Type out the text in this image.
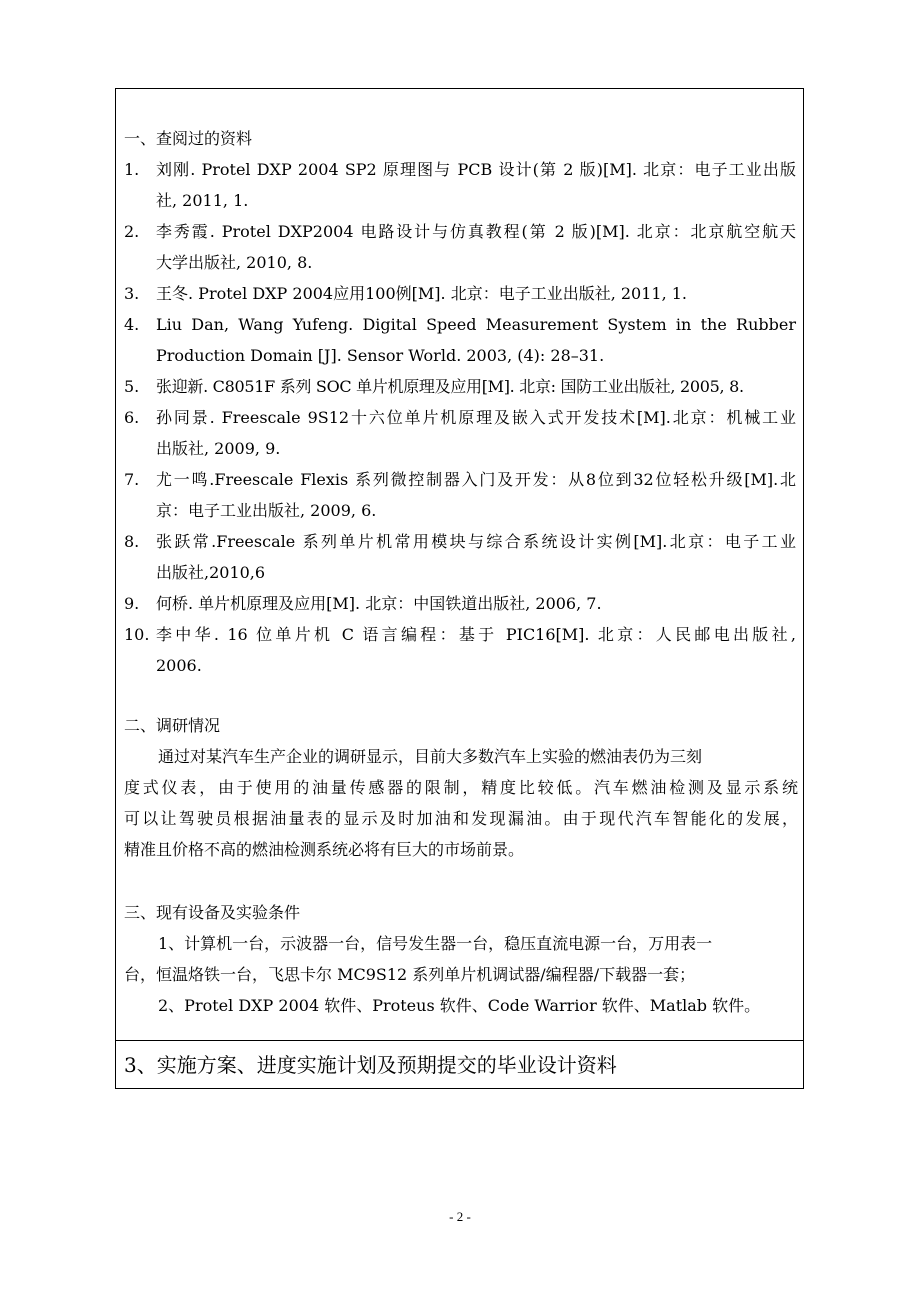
一、查阅过的资料
1. 刘刚. Protel DXP 2004 SP2 原理图与 PCB 设计(第 2 版)[M]. 北京：电子工业出版
社, 2011, 1.
2. 李秀霞. Protel DXP2004 电路设计与仿真教程(第 2 版)[M]. 北京：北京航空航天
大学出版社, 2010, 8.
3. 王冬. Protel DXP 2004应用100例[M]. 北京：电子工业出版社, 2011, 1.
4. Liu Dan, Wang Yufeng. Digital Speed Measurement System in the Rubber
Production Domain [J]. Sensor World. 2003, (4): 28–31.
5. 张迎新. C8051F 系列 SOC 单片机原理及应用[M]. 北京: 国防工业出版社, 2005, 8.
6. 孙同景. Freescale 9S12十六位单片机原理及嵌入式开发技术[M].北京：机械工业
出版社, 2009, 9.
7. 尤一鸣.Freescale Flexis 系列微控制器入门及开发：从8位到32位轻松升级[M].北
京：电子工业出版社, 2009, 6.
8. 张跃常.Freescale 系列单片机常用模块与综合系统设计实例[M].北京：电子工业
出版社,2010,6
9. 何桥. 单片机原理及应用[M]. 北京：中国铁道出版社, 2006, 7.
10. 李中华. 16 位单片机 C 语言编程：基于 PIC16[M]. 北京：人民邮电出版社,
2006.
二、调研情况
通过对某汽车生产企业的调研显示，目前大多数汽车上实验的燃油表仍为三刻
度式仪表，由于使用的油量传感器的限制，精度比较低。汽车燃油检测及显示系统
可以让驾驶员根据油量表的显示及时加油和发现漏油。由于现代汽车智能化的发展，
精准且价格不高的燃油检测系统必将有巨大的市场前景。
三、现有设备及实验条件
1、计算机一台，示波器一台，信号发生器一台，稳压直流电源一台，万用表一
台，恒温烙铁一台，飞思卡尔 MC9S12 系列单片机调试器/编程器/下载器一套；
2、Protel DXP 2004 软件、Proteus 软件、Code Warrior 软件、Matlab 软件。
3、实施方案、进度实施计划及预期提交的毕业设计资料
- 2 -
